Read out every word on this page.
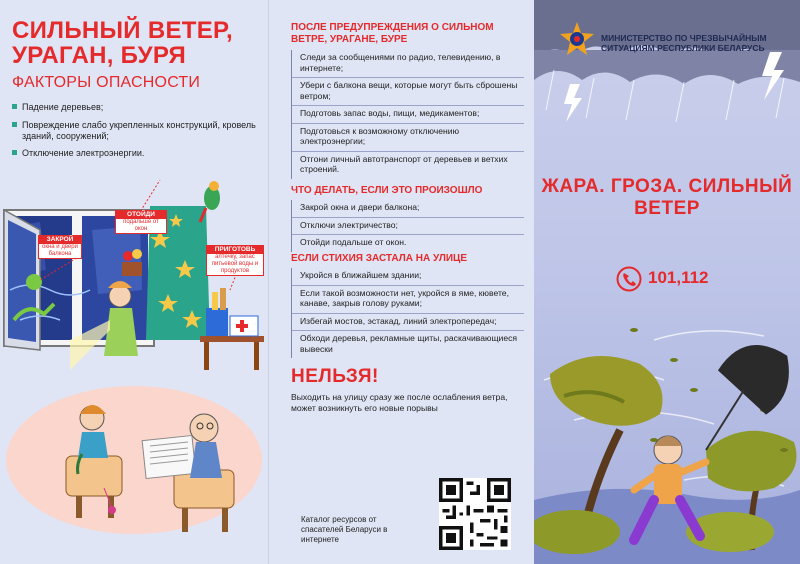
СИЛЬНЫЙ ВЕТЕР, УРАГАН, БУРЯ
ФАКТОРЫ ОПАСНОСТИ
Падение деревьев;
Повреждение слабо укрепленных конструкций, кровель зданий, сооружений;
Отключение электроэнергии.
ОТОЙДИ
подальше от окон
ЗАКРОЙ
окна и двери балкона
ПРИГОТОВЬ
аптечку, запас питьевой воды и продуктов
ПОСЛЕ ПРЕДУПРЕЖДЕНИЯ О СИЛЬНОМ ВЕТРЕ, УРАГАНЕ, БУРЕ
Следи за сообщениями по радио, телевидению, в интернете;
Убери с балкона вещи, которые могут быть сброшены ветром;
Подготовь запас воды, пищи, медикаментов;
Подготовься к возможному отключению электроэнергии;
Отгони личный автотранспорт от деревьев и ветхих строений.
ЧТО ДЕЛАТЬ, ЕСЛИ ЭТО ПРОИЗОШЛО
Закрой окна и двери балкона;
Отключи электричество;
Отойди подальше от окон.
ЕСЛИ СТИХИЯ ЗАСТАЛА НА УЛИЦЕ
Укройся в ближайшем здании;
Если такой возможности нет, укройся в яме, кювете, канаве, закрыв голову руками;
Избегай мостов, эстакад, линий электропередач;
Обходи деревья, рекламные щиты, раскачивающиеся вывески
НЕЛЬЗЯ!
Выходить на улицу сразу же после ослабления ветра, может возникнуть его новые порывы
Каталог ресурсов от спасателей Беларуси в интернете
МИНИСТЕРСТВО ПО ЧРЕЗВЫЧАЙНЫМ СИТУАЦИЯМ РЕСПУБЛИКИ БЕЛАРУСЬ
ЖАРА. ГРОЗА. СИЛЬНЫЙ ВЕТЕР
101,112
